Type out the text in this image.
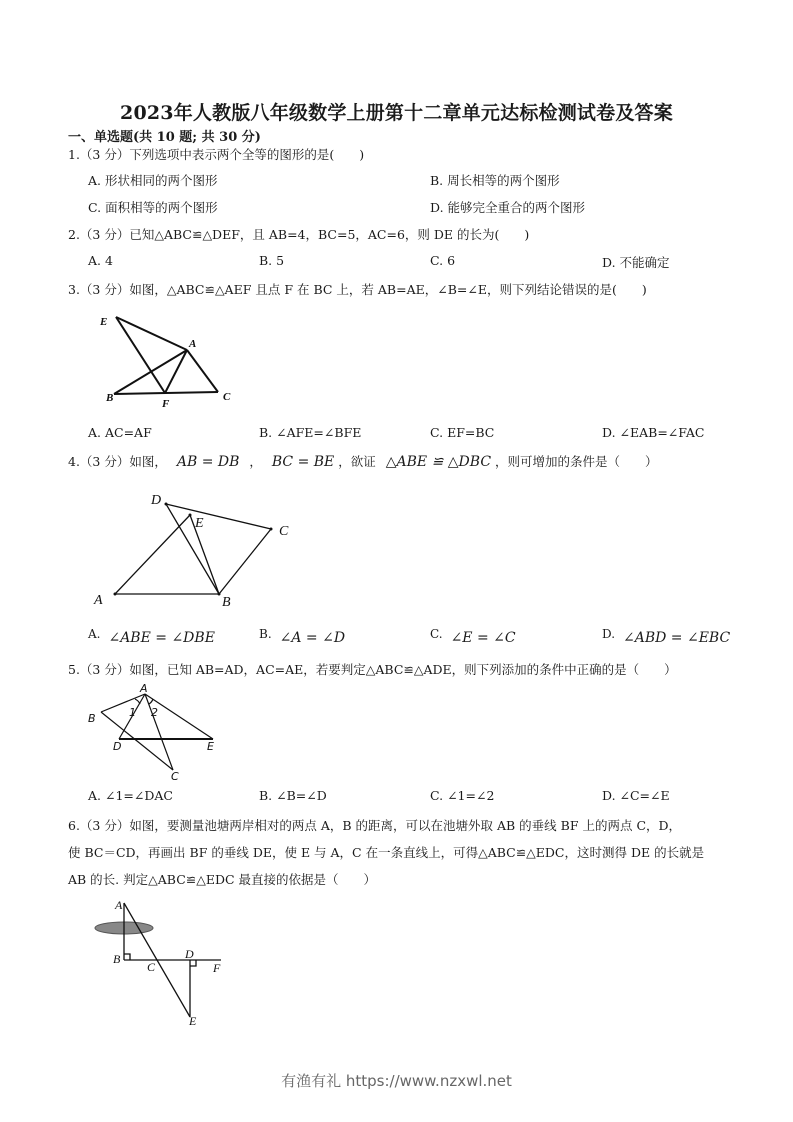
2023年人教版八年级数学上册第十二章单元达标检测试卷及答案
一、单选题(共 10 题; 共 30 分)
1.（3 分）下列选项中表示两个全等的图形的是(　　)
A. 形状相同的两个图形	B. 周长相等的两个图形
C. 面积相等的两个图形	D. 能够完全重合的两个图形
2.（3 分）已知△ABC≌△DEF，且 AB=4，BC=5，AC=6，则 DE 的长为(　　)
A. 4	B. 5	C. 6	D. 不能确定
3.（3 分）如图，△ABC≌△AEF 且点 F 在 BC 上，若 AB=AE，∠B=∠E，则下列结论错误的是(　　)
E
A
B	F
C
A. AC=AF	B. ∠AFE=∠BFE	C. EF=BC	D. ∠EAB=∠FAC
4.（3 分）如图， AB = DB ， BC = BE ，欲证 △ABE ≌ △DBC ，则可增加的条件是（　　）
D
E
C
A	B
A. ∠ABE = ∠DBE	B. ∠A = ∠D	C. ∠E = ∠C	D. ∠ABD = ∠EBC
5.（3 分）如图，已知 AB=AD，AC=AE，若要判定△ABC≌△ADE，则下列添加的条件中正确的是（　　）
A
B
D	E
C
1 2
A. ∠1=∠DAC	B. ∠B=∠D	C. ∠1=∠2	D. ∠C=∠E
6.（3 分）如图，要测量池塘两岸相对的两点 A，B 的距离，可以在池塘外取 AB 的垂线 BF 上的两点 C，D，
使 BC＝CD，再画出 BF 的垂线 DE，使 E 与 A，C 在一条直线上，可得△ABC≌△EDC，这时测得 DE 的长就是
AB 的长. 判定△ABC≌△EDC 最直接的依据是（　　）
A
B
C
D
F
E
有渔有礼 https://www.nzxwl.net
